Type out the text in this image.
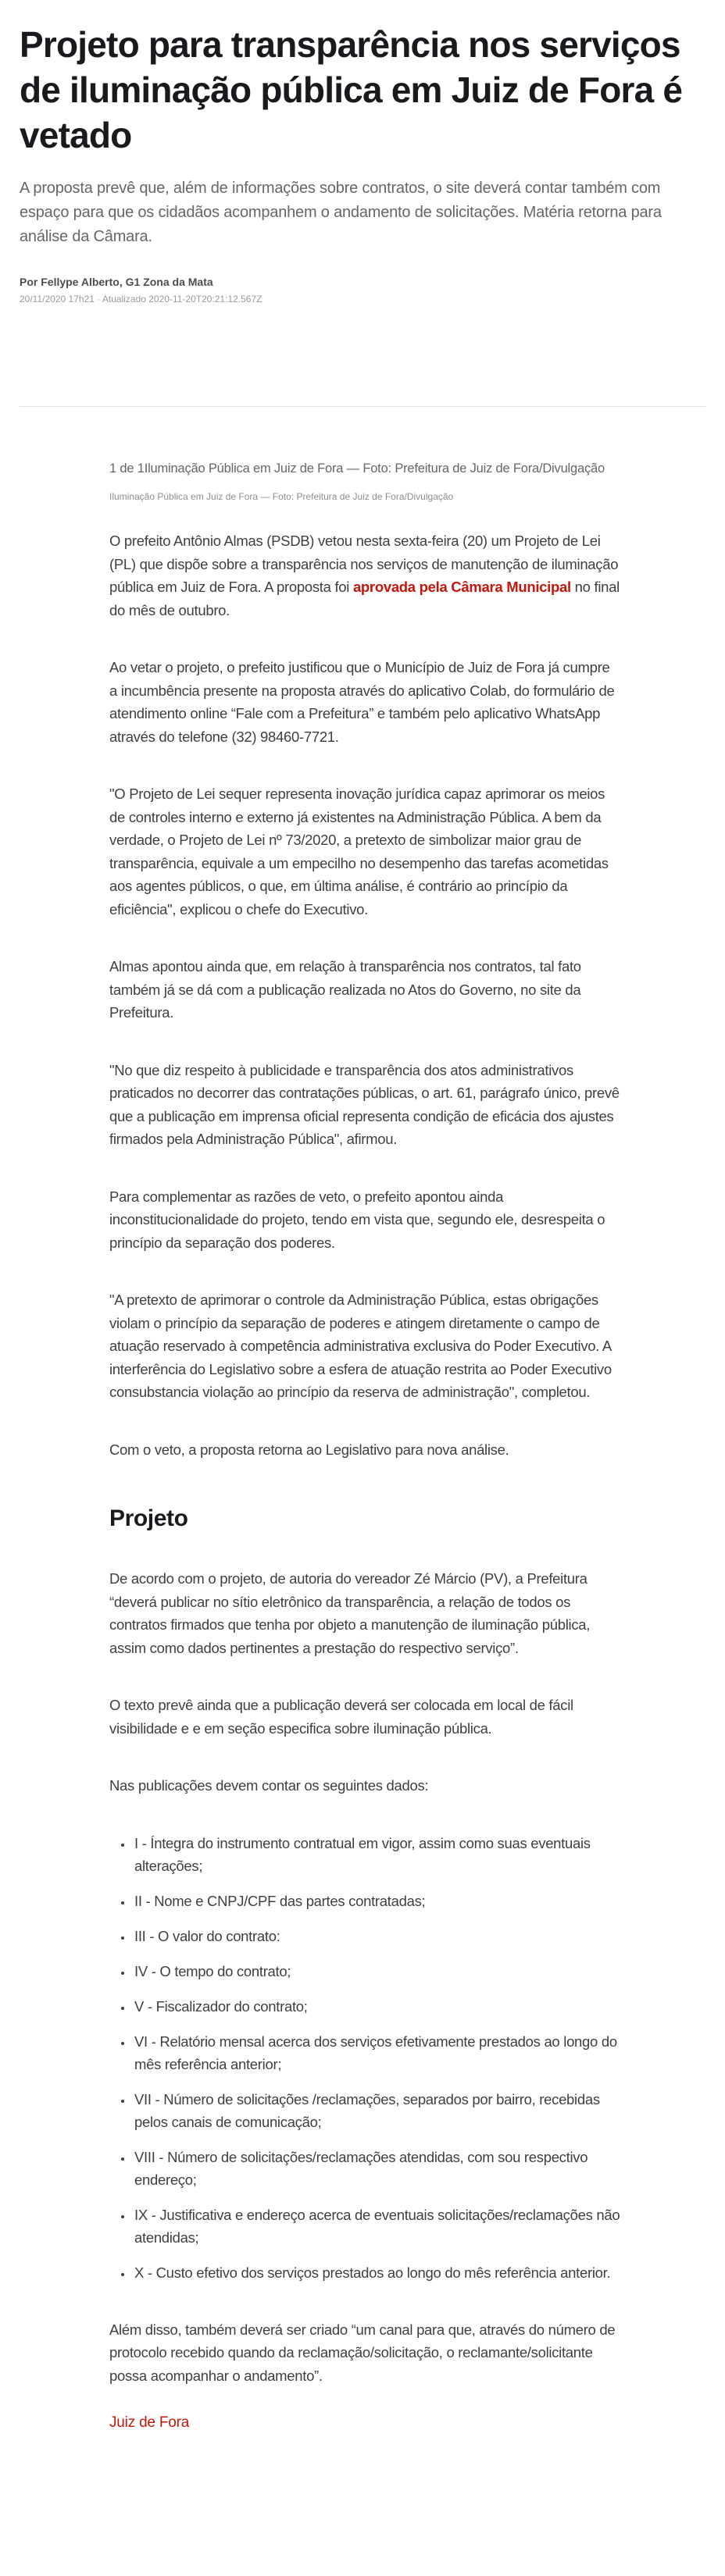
Projeto para transparência nos serviços de iluminação pública em Juiz de Fora é vetado

A proposta prevê que, além de informações sobre contratos, o site deverá contar também com espaço para que os cidadãos acompanhem o andamento de solicitações. Matéria retorna para análise da Câmara.

Por Fellype Alberto, G1 Zona da Mata
20/11/2020 17h21 · Atualizado 2020-11-20T20:21:12.567Z
1 de 1Iluminação Pública em Juiz de Fora — Foto: Prefeitura de Juiz de Fora/Divulgação
Iluminação Pública em Juiz de Fora — Foto: Prefeitura de Juiz de Fora/Divulgação

O prefeito Antônio Almas (PSDB) vetou nesta sexta-feira (20) um Projeto de Lei (PL) que dispõe sobre a transparência nos serviços de manutenção de iluminação pública em Juiz de Fora. A proposta foi aprovada pela Câmara Municipal no final do mês de outubro.

Ao vetar o projeto, o prefeito justificou que o Município de Juiz de Fora já cumpre a incumbência presente na proposta através do aplicativo Colab, do formulário de atendimento online “Fale com a Prefeitura” e também pelo aplicativo WhatsApp através do telefone (32) 98460-7721.

"O Projeto de Lei sequer representa inovação jurídica capaz aprimorar os meios de controles interno e externo já existentes na Administração Pública. A bem da verdade, o Projeto de Lei nº 73/2020, a pretexto de simbolizar maior grau de transparência, equivale a um empecilho no desempenho das tarefas acometidas aos agentes públicos, o que, em última análise, é contrário ao princípio da eficiência", explicou o chefe do Executivo.

Almas apontou ainda que, em relação à transparência nos contratos, tal fato também já se dá com a publicação realizada no Atos do Governo, no site da Prefeitura.

"No que diz respeito à publicidade e transparência dos atos administrativos praticados no decorrer das contratações públicas, o art. 61, parágrafo único, prevê que a publicação em imprensa oficial representa condição de eficácia dos ajustes firmados pela Administração Pública", afirmou.

Para complementar as razões de veto, o prefeito apontou ainda inconstitucionalidade do projeto, tendo em vista que, segundo ele, desrespeita o princípio da separação dos poderes.

"A pretexto de aprimorar o controle da Administração Pública, estas obrigações violam o princípio da separação de poderes e atingem diretamente o campo de atuação reservado à competência administrativa exclusiva do Poder Executivo. A interferência do Legislativo sobre a esfera de atuação restrita ao Poder Executivo consubstancia violação ao princípio da reserva de administração", completou.

Com o veto, a proposta retorna ao Legislativo para nova análise.

Projeto

De acordo com o projeto, de autoria do vereador Zé Márcio (PV), a Prefeitura “deverá publicar no sítio eletrônico da transparência, a relação de todos os contratos firmados que tenha por objeto a manutenção de iluminação pública, assim como dados pertinentes a prestação do respectivo serviço”.

O texto prevê ainda que a publicação deverá ser colocada em local de fácil visibilidade e e em seção especifica sobre iluminação pública.

Nas publicações devem contar os seguintes dados:

• I - Íntegra do instrumento contratual em vigor, assim como suas eventuais alterações;
• II - Nome e CNPJ/CPF das partes contratadas;
• III - O valor do contrato:
• IV - O tempo do contrato;
• V - Fiscalizador do contrato;
• VI - Relatório mensal acerca dos serviços efetivamente prestados ao longo do mês referência anterior;
• VII - Número de solicitações /reclamações, separados por bairro, recebidas pelos canais de comunicação;
• VIII - Número de solicitações/reclamações atendidas, com sou respectivo endereço;
• IX - Justificativa e endereço acerca de eventuais solicitações/reclamações não atendidas;
• X - Custo efetivo dos serviços prestados ao longo do mês referência anterior.

Além disso, também deverá ser criado “um canal para que, através do número de protocolo recebido quando da reclamação/solicitação, o reclamante/solicitante possa acompanhar o andamento”.

Juiz de Fora
